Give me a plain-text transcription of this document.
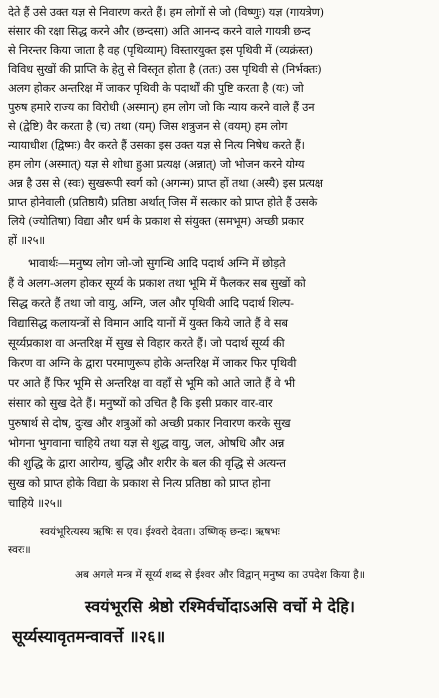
देते हैं उसे उक्त यज्ञ से निवारण करते हैं। हम लोगों से जो (विष्णुः) यज्ञ (गायत्रेण)
संसार की रक्षा सिद्ध करने और (छन्दसा) अति आनन्द करने वाले गायत्री छन्द
से निरन्तर किया जाता है वह (पृथिव्याम्) विस्तारयुक्त इस पृथिवी में (व्यक्रंस्त)
विविध सुखों की प्राप्ति के हेतु से विस्तृत होता है (ततः) उस पृथिवी से (निर्भक्तः)
अलग होकर अन्तरिक्ष में जाकर पृथिवी के पदार्थों की पुष्टि करता है (यः) जो
पुरुष हमारे राज्य का विरोधी (अस्मान्) हम लोग जो कि न्याय करने वाले हैं उन
से (द्वेष्टि) वैर करता है (च) तथा (यम्) जिस शत्रुजन से (वयम्) हम लोग
न्यायाधीश (द्विष्मः) वैर करते हैं उसका इस उक्त यज्ञ से नित्य निषेध करते हैं।
हम लोग (अस्मात्) यज्ञ से शोधा हुआ प्रत्यक्ष (अन्नात्) जो भोजन करने योग्य
अन्न है उस से (स्वः) सुखरूपी स्वर्ग को (अगन्म) प्राप्त हों तथा (अस्यै) इस प्रत्यक्ष
प्राप्त होनेवाली (प्रतिष्ठायै) प्रतिष्ठा अर्थात् जिस में सत्कार को प्राप्त होते हैं उसके
लिये (ज्योतिषा) विद्या और धर्म के प्रकाश से संयुक्त (समभूम) अच्छी प्रकार
हों ॥२५॥
भावार्थः—मनुष्य लोग जो-जो सुगन्धि आदि पदार्थ अग्नि में छोड़ते
हैं वे अलग-अलग होकर सूर्य्य के प्रकाश तथा भूमि में फैलकर सब सुखों को
सिद्ध करते हैं तथा जो वायु, अग्नि, जल और पृथिवी आदि पदार्थ शिल्प-
विद्यासिद्ध कलायन्त्रों से विमान आदि यानों में युक्त किये जाते हैं वे सब
सूर्य्यप्रकाश वा अन्तरिक्ष में सुख से विहार करते हैं। जो पदार्थ सूर्य्य की
किरण वा अग्नि के द्वारा परमाणुरूप होके अन्तरिक्ष में जाकर फिर पृथिवी
पर आते हैं फिर भूमि से अन्तरिक्ष वा वहाँ से भूमि को आते जाते हैं वे भी
संसार को सुख देते हैं। मनुष्यों को उचित है कि इसी प्रकार वार-वार
पुरुषार्थ से दोष, दुःख और शत्रुओं को अच्छी प्रकार निवारण करके सुख
भोगना भुगवाना चाहिये तथा यज्ञ से शुद्ध वायु, जल, ओषधि और अन्न
की शुद्धि के द्वारा आरोग्य, बुद्धि और शरीर के बल की वृद्धि से अत्यन्त
सुख को प्राप्त होके विद्या के प्रकाश से नित्य प्रतिष्ठा को प्राप्त होना
चाहिये ॥२५॥
स्वयंभूरित्यस्य ऋषिः स एव। ईश्वरो देवता। उष्णिक् छन्दः। ऋषभः
स्वरः॥
अब अगले मन्त्र में सूर्य्य शब्द से ईश्वर और विद्वान् मनुष्य का उपदेश किया है॥
स्वयंभूरसि श्रेष्ठो रश्मिर्वर्चोदाऽअसि वर्चो मे देहि।
सूर्य्यस्यावृतमन्वावर्त्ते ॥२६॥
